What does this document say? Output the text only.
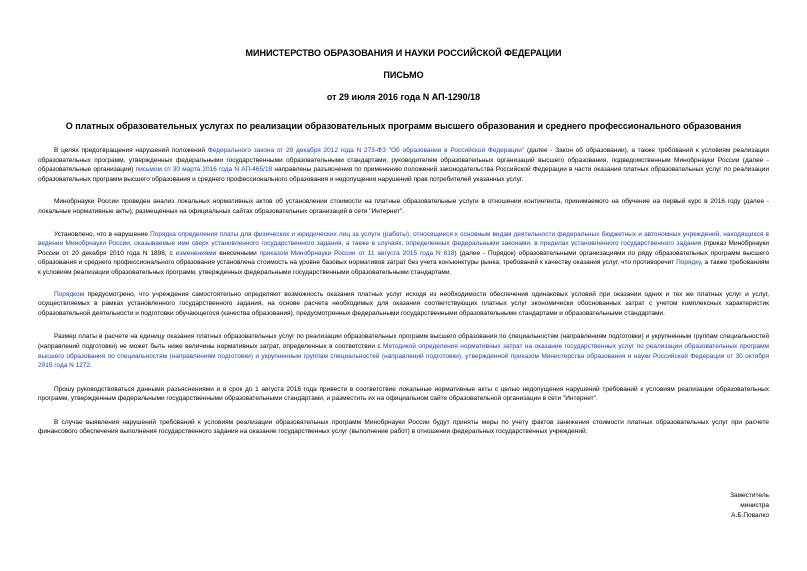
МИНИСТЕРСТВО ОБРАЗОВАНИЯ И НАУКИ РОССИЙСКОЙ ФЕДЕРАЦИИ
ПИСЬМО
от 29 июля 2016 года N АП-1290/18
О платных образовательных услугах по реализации образовательных программ высшего образования и среднего профессионального образования

В целях предотвращения нарушений положений Федерального закона от 29 декабря 2012 года N 273-ФЗ "Об образовании в Российской Федерации" (далее - Закон об образовании), а также требований к условиям реализации образовательных программ, утвержденных федеральными государственными образовательными стандартами, руководителям образовательных организаций высшего образования, подведомственным Минобрнауки России (далее - образовательные организации) письмом от 30 марта 2016 года N АП-465/18 направлены разъяснения по применению положений законодательства Российской Федерации в части оказания платных образовательных услуг по реализации образовательных программ высшего образования и среднего профессионального образования и недопущения нарушений прав потребителей указанных услуг.

Минобрнауки России проведен анализ локальных нормативных актов об установлении стоимости на платные образовательные услуги в отношении контингента, принимаемого на обучение на первый курс в 2016 году (далее - локальные нормативные акты), размещенных на официальных сайтах образовательных организаций в сети "Интернет".

Установлено, что в нарушение Порядка определения платы для физических и юридических лиц за услуги (работы), относящиеся к основным видам деятельности федеральных бюджетных и автономных учреждений, находящихся в ведении Минобрнауки России, оказываемые ими сверх установленного государственного задания, а также в случаях, определенных федеральными законами, в пределах установленного государственного задания (приказ Минобрнауки России от 20 декабря 2010 года N 1898, с изменениями внесенными приказом Минобрнауки России от 11 августа 2015 года N 818) (далее - Порядок) образовательными организациями по ряду образовательных программ высшего образования и среднего профессионального образования установлена стоимость на уровне базовых нормативов затрат без учета конъюнктуры рынка, требований к качеству оказания услуг, что противоречит Порядку, а также требованиям к условиям реализации образовательных программ, утвержденных федеральными государственными образовательными стандартами.

Порядком предусмотрено, что учреждения самостоятельно определяют возможность оказания платных услуг исходя из необходимости обеспечения одинаковых условий при оказании одних и тех же платных услуг и услуг, осуществляемых в рамках установленного государственного задания, на основе расчета необходимых для оказания соответствующих платных услуг экономически обоснованных затрат с учетом комплексных характеристик образовательной деятельности и подготовки обучающегося (качества образования), предусмотренных федеральными государственными образовательными стандартами и образовательными стандартами.

Размер платы в расчете на единицу оказания платных образовательных услуг по реализации образовательных программ высшего образования по специальностям (направлениям подготовки) и укрупненным группам специальностей (направлений подготовки) не может быть ниже величины нормативных затрат, определенных в соответствии с Методикой определения нормативных затрат на оказание государственных услуг по реализации образовательных программ высшего образования по специальностям (направлениям подготовки) и укрупненным группам специальностей (направлений подготовки), утвержденной приказом Министерства образования и науки Российской Федерации от 30 октября 2015 года N 1272.

Прошу руководствоваться данными разъяснениями и в срок до 1 августа 2016 года привести в соответствие локальные нормативные акты с целью недопущения нарушений требований к условиям реализации образовательных программ, утвержденным федеральными государственными образовательными стандартами, и разместить их на официальном сайте образовательной организации в сети "Интернет".

В случае выявления нарушений требований к условиям реализации образовательных программ Минобрнауки России будут приняты меры по учету фактов занижения стоимости платных образовательных услуг при расчете финансового обеспечения выполнения государственного задания на оказание государственных услуг (выполнение работ) в отношении федеральных государственных учреждений.

Заместитель
министра
А.Б.Повалко
